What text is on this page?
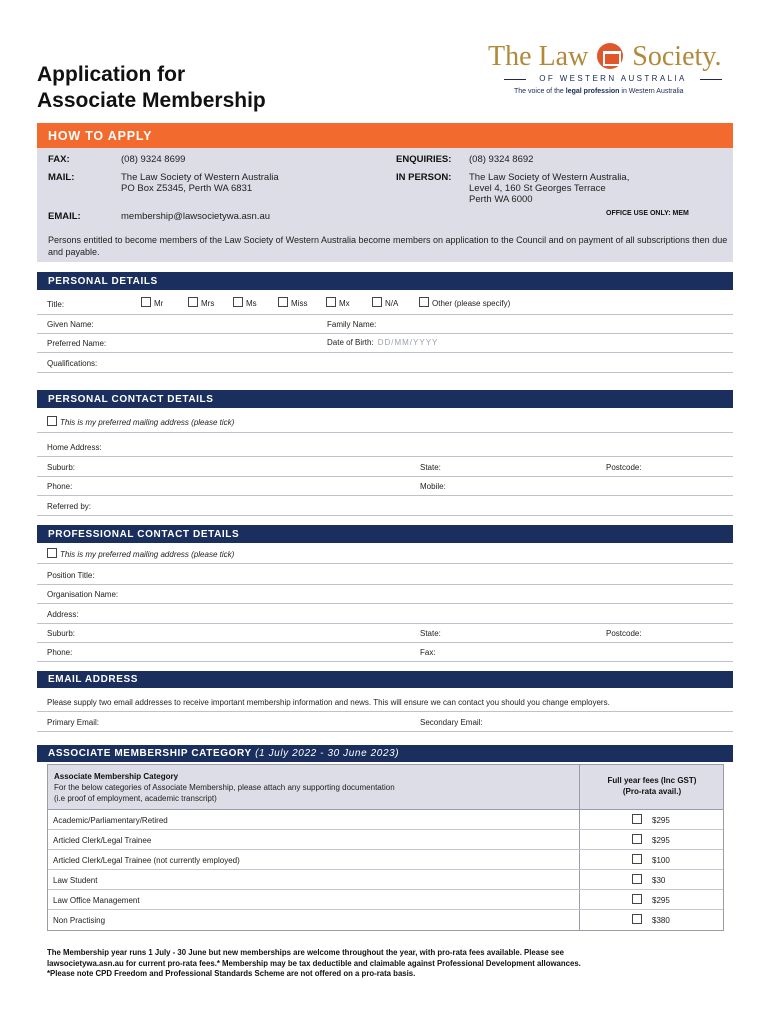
Application for
Associate Membership
The Law Society.
OF WESTERN AUSTRALIA
The voice of the legal profession in Western Australia
HOW TO APPLY
FAX:	(08) 9324 8699
MAIL:	The Law Society of Western Australia
PO Box Z5345, Perth WA 6831
EMAIL:	membership@lawsocietywa.asn.au
ENQUIRIES: (08) 9324 8692
IN PERSON: The Law Society of Western Australia,
Level 4, 160 St Georges Terrace
Perth WA 6000
OFFICE USE ONLY: MEM
Persons entitled to become members of the Law Society of Western Australia become members on application to the Council and on payment of all subscriptions then due and payable.
PERSONAL DETAILS
Title:	Mr	Mrs	Ms	Miss	Mx	N/A	Other (please specify)
Given Name:	Family Name:
Preferred Name:	Date of Birth: DD/MM/YYYY
Qualifications:
PERSONAL CONTACT DETAILS
This is my preferred mailing address (please tick)
Home Address:
Suburb:	State:	Postcode:
Phone:	Mobile:
Referred by:
PROFESSIONAL CONTACT DETAILS
This is my preferred mailing address (please tick)
Position Title:
Organisation Name:
Address:
Suburb:	State:	Postcode:
Phone:	Fax:
EMAIL ADDRESS
Please supply two email addresses to receive important membership information and news. This will ensure we can contact you should you change employers.
Primary Email:	Secondary Email:
ASSOCIATE MEMBERSHIP CATEGORY
(1 July 2022 - 30 June 2023)
Associate Membership Category
For the below categories of Associate Membership, please attach any supporting documentation
(i.e proof of employment, academic transcript)
Full year fees (Inc GST)
(Pro-rata avail.)
Academic/Parliamentary/Retired	$295
Articled Clerk/Legal Trainee	$295
Articled Clerk/Legal Trainee (not currently employed)	$100
Law Student	$30
Law Office Management	$295
Non Practising	$380
The Membership year runs 1 July - 30 June but new memberships are welcome throughout the year, with pro-rata fees available. Please see
lawsocietywa.asn.au for current pro-rata fees.* Membership may be tax deductible and claimable against Professional Development allowances.
*Please note CPD Freedom and Professional Standards Scheme are not offered on a pro-rata basis.
